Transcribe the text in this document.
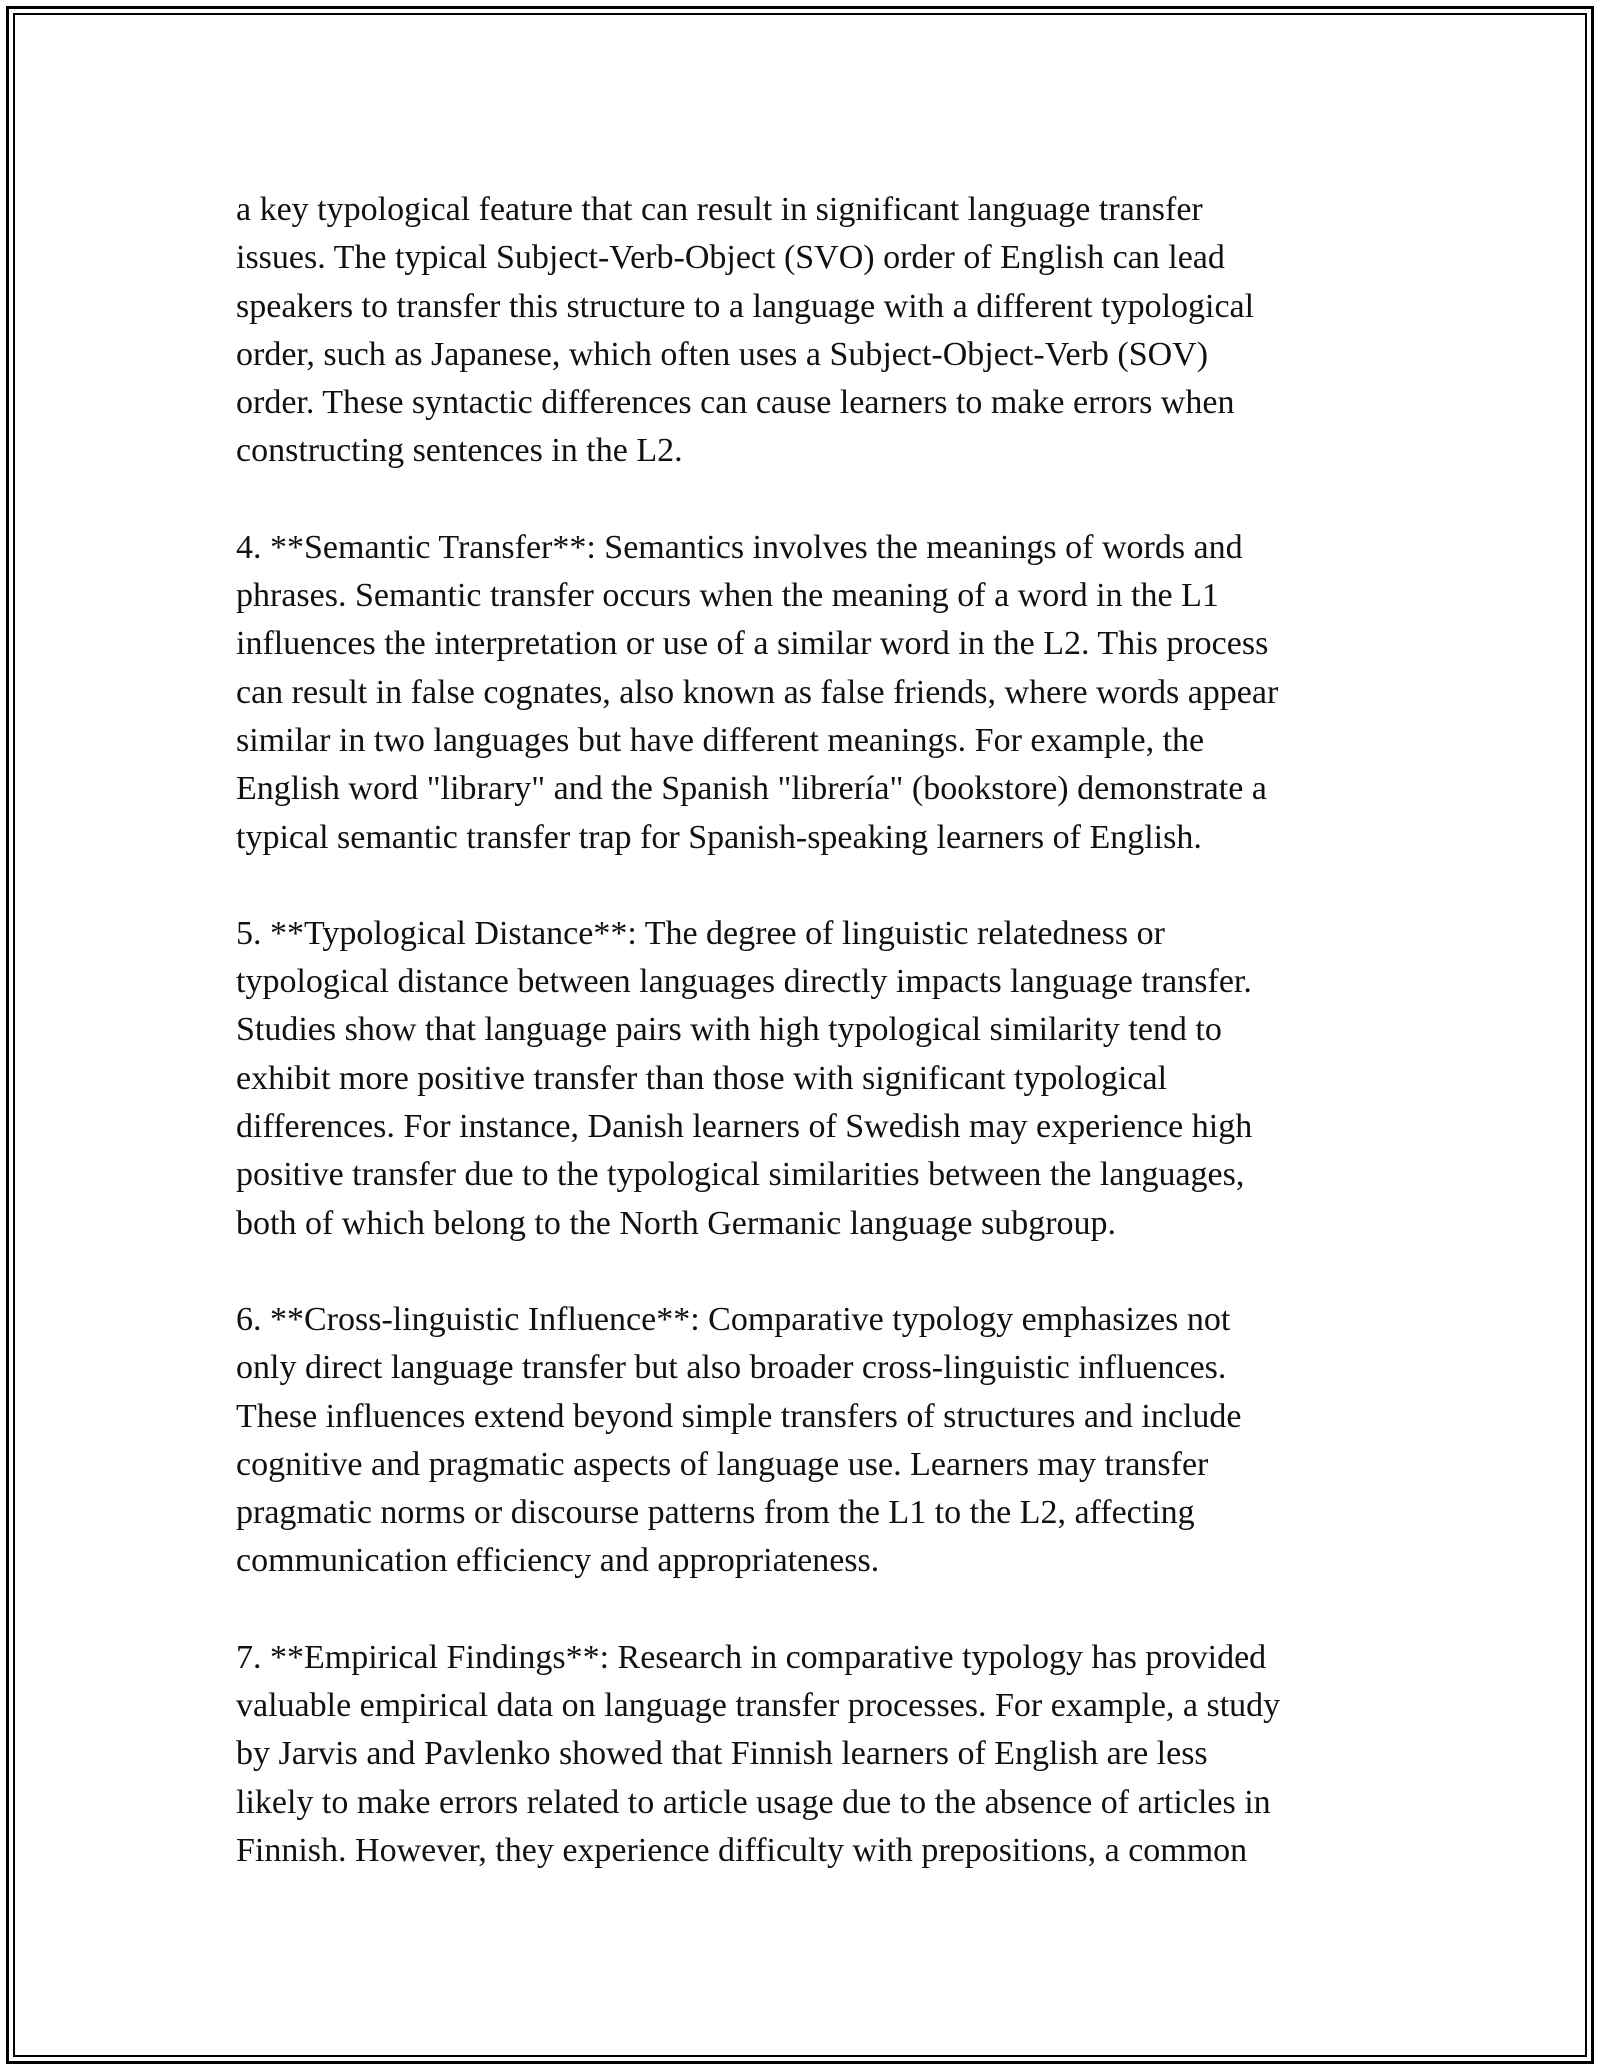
a key typological feature that can result in significant language transfer
issues. The typical Subject-Verb-Object (SVO) order of English can lead
speakers to transfer this structure to a language with a different typological
order, such as Japanese, which often uses a Subject-Object-Verb (SOV)
order. These syntactic differences can cause learners to make errors when
constructing sentences in the L2.

4. **Semantic Transfer**: Semantics involves the meanings of words and
phrases. Semantic transfer occurs when the meaning of a word in the L1
influences the interpretation or use of a similar word in the L2. This process
can result in false cognates, also known as false friends, where words appear
similar in two languages but have different meanings. For example, the
English word "library" and the Spanish "librería" (bookstore) demonstrate a
typical semantic transfer trap for Spanish-speaking learners of English.

5. **Typological Distance**: The degree of linguistic relatedness or
typological distance between languages directly impacts language transfer.
Studies show that language pairs with high typological similarity tend to
exhibit more positive transfer than those with significant typological
differences. For instance, Danish learners of Swedish may experience high
positive transfer due to the typological similarities between the languages,
both of which belong to the North Germanic language subgroup.

6. **Cross-linguistic Influence**: Comparative typology emphasizes not
only direct language transfer but also broader cross-linguistic influences.
These influences extend beyond simple transfers of structures and include
cognitive and pragmatic aspects of language use. Learners may transfer
pragmatic norms or discourse patterns from the L1 to the L2, affecting
communication efficiency and appropriateness.

7. **Empirical Findings**: Research in comparative typology has provided
valuable empirical data on language transfer processes. For example, a study
by Jarvis and Pavlenko showed that Finnish learners of English are less
likely to make errors related to article usage due to the absence of articles in
Finnish. However, they experience difficulty with prepositions, a common
